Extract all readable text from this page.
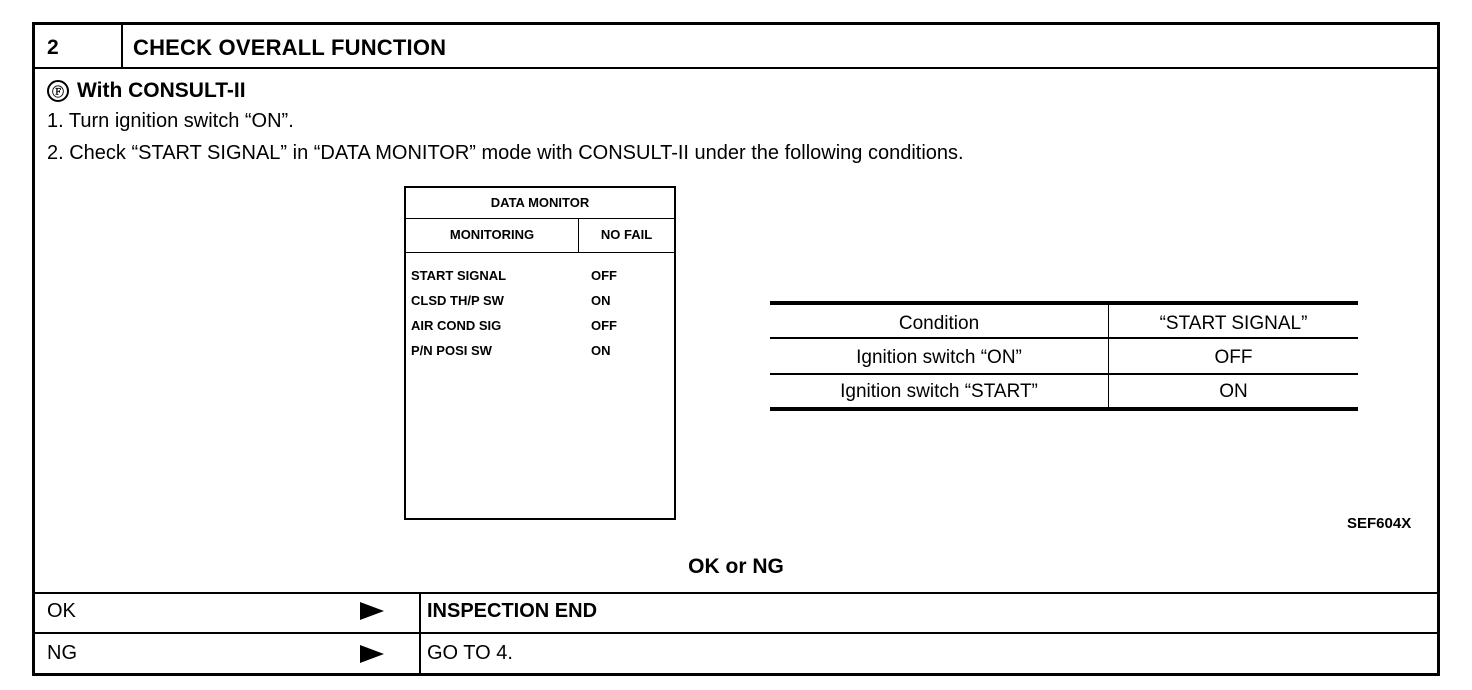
2	CHECK OVERALL FUNCTION
Ⓕ With CONSULT-II
1. Turn ignition switch “ON”.
2. Check “START SIGNAL” in “DATA MONITOR” mode with CONSULT-II under the following conditions.
DATA MONITOR
MONITORING	NO FAIL
START SIGNAL	OFF
CLSD TH/P SW	ON
AIR COND SIG	OFF
P/N POSI SW	ON
Condition	“START SIGNAL”
Ignition switch “ON”	OFF
Ignition switch “START”	ON
SEF604X
OK or NG
OK	INSPECTION END
NG	GO TO 4.
